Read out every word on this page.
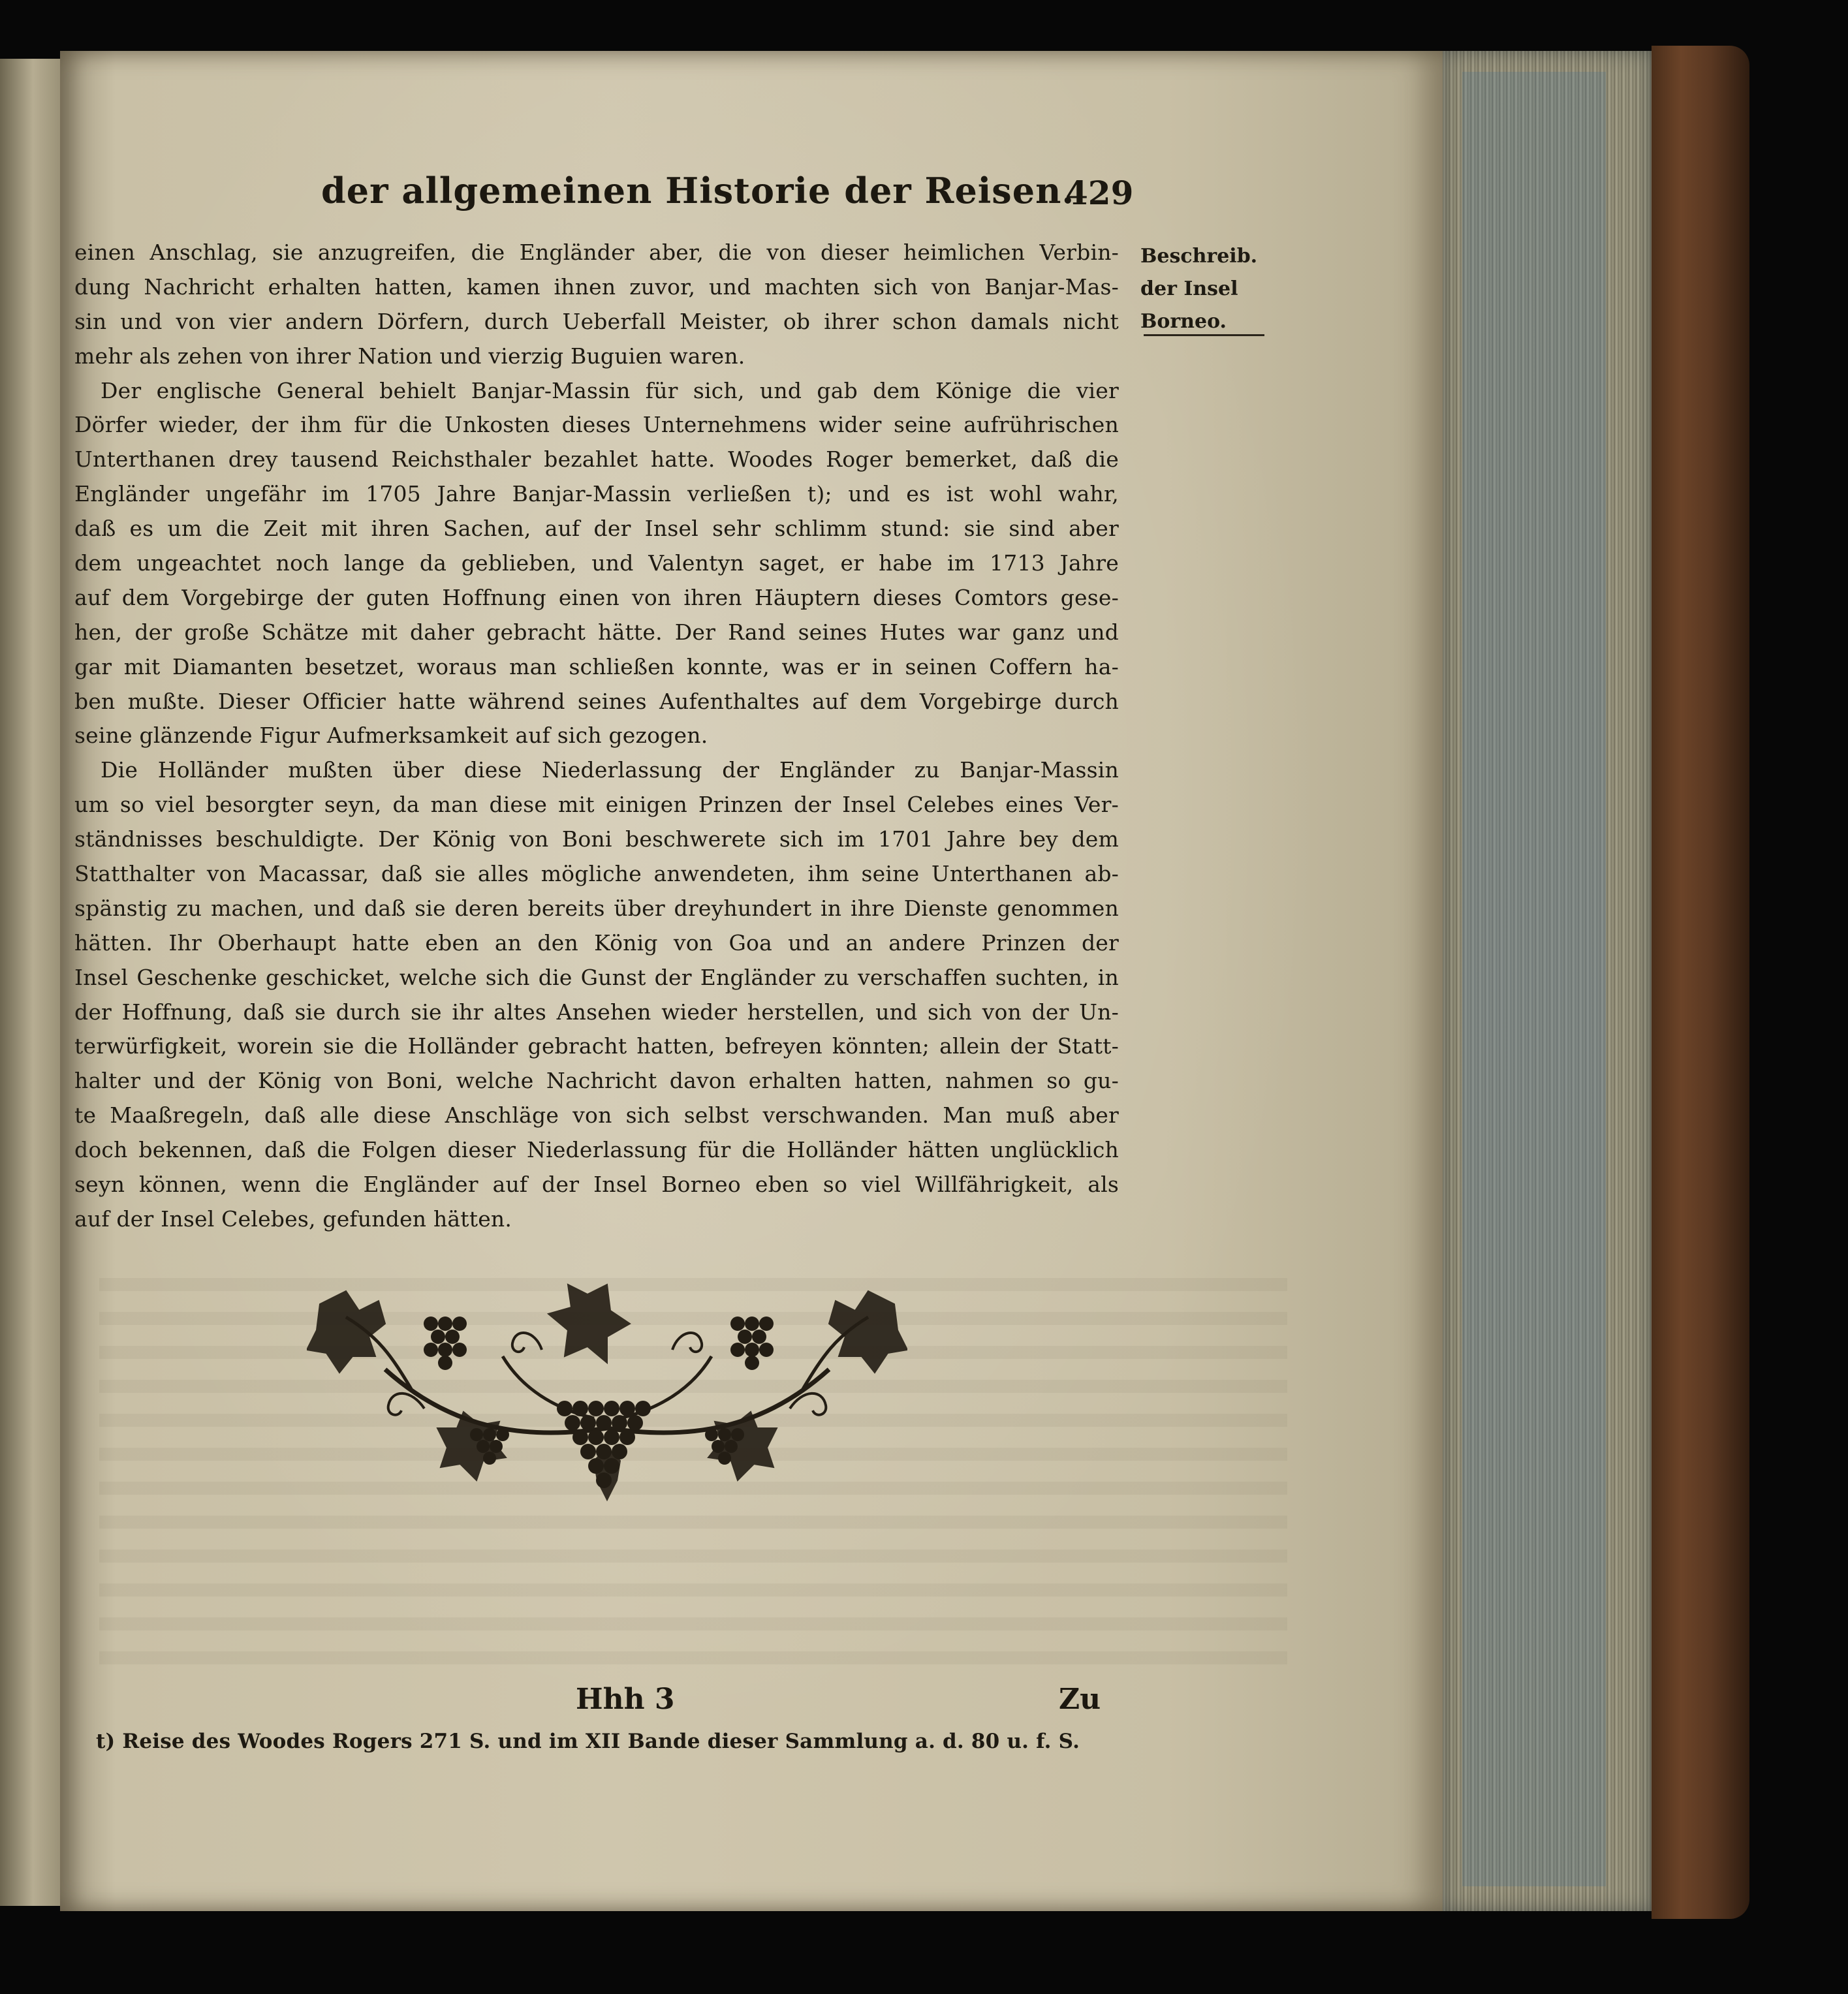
der allgemeinen Historie der Reisen.
429
Beschreib.
der Insel
Borneo.
einen Anschlag, sie anzugreifen, die Engländer aber, die von dieser heimlichen Verbin-
dung Nachricht erhalten hatten, kamen ihnen zuvor, und machten sich von Banjar-Mas-
sin und von vier andern Dörfern, durch Ueberfall Meister, ob ihrer schon damals nicht
mehr als zehen von ihrer Nation und vierzig Buguien waren.
Der englische General behielt Banjar-Massin für sich, und gab dem Könige die vier
Dörfer wieder, der ihm für die Unkosten dieses Unternehmens wider seine aufrührischen
Unterthanen drey tausend Reichsthaler bezahlet hatte. Woodes Roger bemerket, daß die
Engländer ungefähr im 1705 Jahre Banjar-Massin verließen t); und es ist wohl wahr,
daß es um die Zeit mit ihren Sachen, auf der Insel sehr schlimm stund: sie sind aber
dem ungeachtet noch lange da geblieben, und Valentyn saget, er habe im 1713 Jahre
auf dem Vorgebirge der guten Hoffnung einen von ihren Häuptern dieses Comtors gese-
hen, der große Schätze mit daher gebracht hätte. Der Rand seines Hutes war ganz und
gar mit Diamanten besetzet, woraus man schließen konnte, was er in seinen Coffern ha-
ben mußte. Dieser Officier hatte während seines Aufenthaltes auf dem Vorgebirge durch
seine glänzende Figur Aufmerksamkeit auf sich gezogen.
Die Holländer mußten über diese Niederlassung der Engländer zu Banjar-Massin
um so viel besorgter seyn, da man diese mit einigen Prinzen der Insel Celebes eines Ver-
ständnisses beschuldigte. Der König von Boni beschwerete sich im 1701 Jahre bey dem
Statthalter von Macassar, daß sie alles mögliche anwendeten, ihm seine Unterthanen ab-
spänstig zu machen, und daß sie deren bereits über dreyhundert in ihre Dienste genommen
hätten. Ihr Oberhaupt hatte eben an den König von Goa und an andere Prinzen der
Insel Geschenke geschicket, welche sich die Gunst der Engländer zu verschaffen suchten, in
der Hoffnung, daß sie durch sie ihr altes Ansehen wieder herstellen, und sich von der Un-
terwürfigkeit, worein sie die Holländer gebracht hatten, befreyen könnten; allein der Statt-
halter und der König von Boni, welche Nachricht davon erhalten hatten, nahmen so gu-
te Maaßregeln, daß alle diese Anschläge von sich selbst verschwanden. Man muß aber
doch bekennen, daß die Folgen dieser Niederlassung für die Holländer hätten unglücklich
seyn können, wenn die Engländer auf der Insel Borneo eben so viel Willfährigkeit, als
auf der Insel Celebes, gefunden hätten.
Hhh 3	Zu
t) Reise des Woodes Rogers 271 S. und im XII Bande dieser Sammlung a. d. 80 u. f. S.
